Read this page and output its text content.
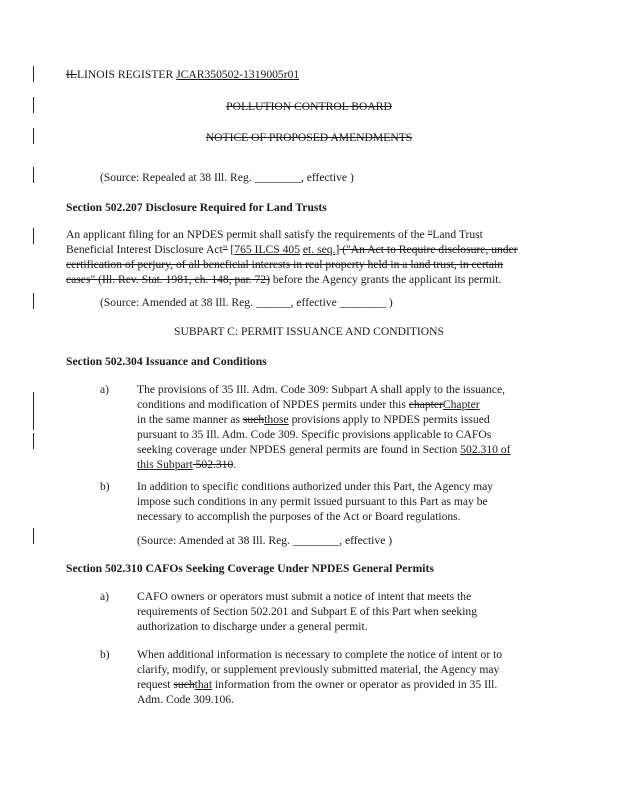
ILLINOIS REGISTER JCAR350502-1319005r01

POLLUTION CONTROL BOARD

NOTICE OF PROPOSED AMENDMENTS

(Source: Repealed at 38 Ill. Reg. ________, effective )

Section 502.207 Disclosure Required for Land Trusts

An applicant filing for an NPDES permit shall satisfy the requirements of the "Land Trust

Beneficial Interest Disclosure Act" [765 ILCS 405 et. seq.] ("An Act to Require disclosure, under

certification of perjury, of all beneficial interests in real property held in a land trust, in certain

cases" (Ill. Rev. Stat. 1981, ch. 148, par. 72) before the Agency grants the applicant its permit.

(Source: Amended at 38 Ill. Reg. ______, effective ________ )

SUBPART C: PERMIT ISSUANCE AND CONDITIONS

Section 502.304 Issuance and Conditions

a) The provisions of 35 Ill. Adm. Code 309: Subpart A shall apply to the issuance,

conditions and modification of NPDES permits under this chapterChapter

in the same manner as suchthose provisions apply to NPDES permits issued

pursuant to 35 Ill. Adm. Code 309. Specific provisions applicable to CAFOs

seeking coverage under NPDES general permits are found in Section 502.310 of

this Subpart 502.310.

b) In addition to specific conditions authorized under this Part, the Agency may

impose such conditions in any permit issued pursuant to this Part as may be

necessary to accomplish the purposes of the Act or Board regulations.

(Source: Amended at 38 Ill. Reg. ________, effective )

Section 502.310 CAFOs Seeking Coverage Under NPDES General Permits

a) CAFO owners or operators must submit a notice of intent that meets the

requirements of Section 502.201 and Subpart E of this Part when seeking

authorization to discharge under a general permit.

b) When additional information is necessary to complete the notice of intent or to

clarify, modify, or supplement previously submitted material, the Agency may

request suchthat information from the owner or operator as provided in 35 Ill.

Adm. Code 309.106.
